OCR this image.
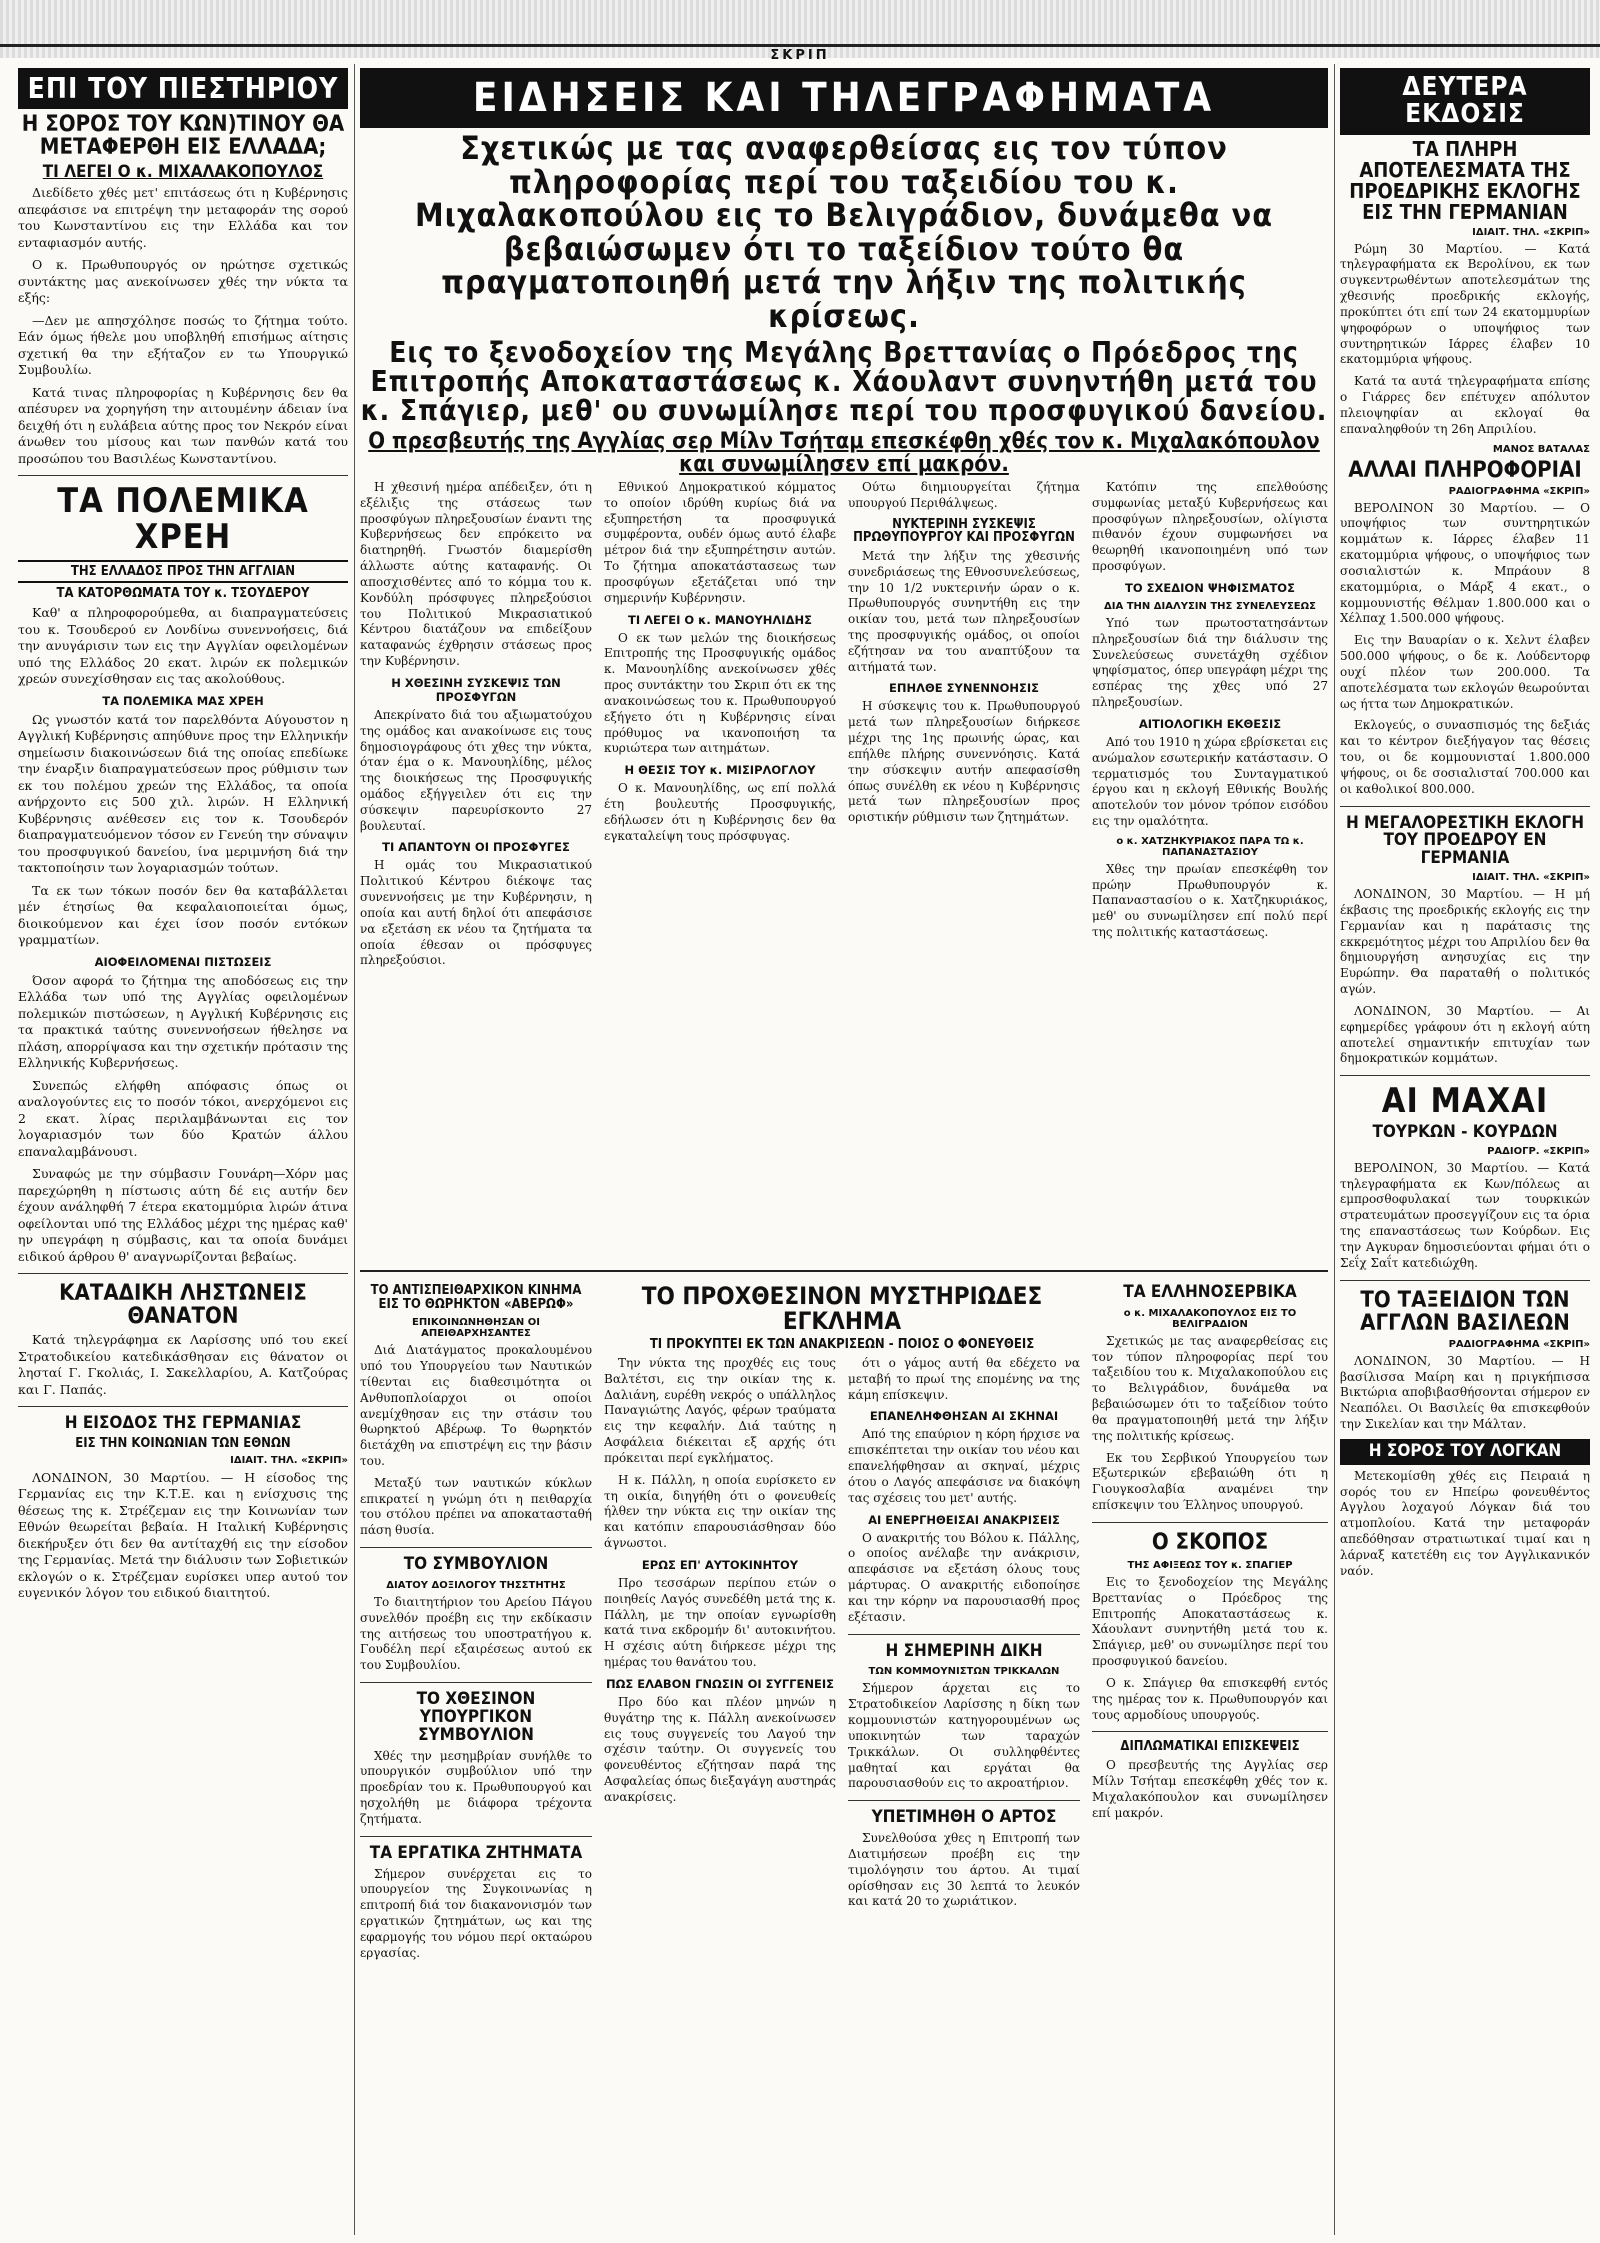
ΣΚΡΙΠ
ΕΠΙ ΤΟΥ ΠΙΕΣΤΗΡΙΟΥ
Η ΣΟΡΟΣ ΤΟΥ ΚΩΝ)ΤΙΝΟΥ ΘΑ ΜΕΤΑΦΕΡΘΗ ΕΙΣ ΕΛΛΑΔΑ;
ΤΙ ΛΕΓΕΙ Ο κ. ΜΙΧΑΛΑΚΟΠΟΥΛΟΣ

Διεδίδετο χθές μετ' επιτάσεως ότι η Κυβέρνησις απεφάσισε να επιτρέψη την μεταφοράν της σορού του Κωνσταντίνου εις την Ελλάδα και τον ενταφιασμόν αυτής.

Ο κ. Πρωθυπουργός ον ηρώτησε σχετικώς συντάκτης μας ανεκοίνωσεν χθές την νύκτα τα εξής:

—Δεν με απησχόλησε ποσώς το ζήτημα τούτο. Εάν όμως ήθελε μου υποβληθή επισήμως αίτησις σχετική θα την εξήταζον εν τω Υπουργικώ Συμβουλίω.

Κατά τινας πληροφορίας η Κυβέρνησις δεν θα απέσυρεν να χορηγήση την αιτουμένην άδειαν ίνα δειχθή ότι η ευλάβεια αύτης προς τον Νεκρόν είναι άνωθεν του μίσους και των πανθών κατά του προσώπου του Βασιλέως Κωνσταντίνου.

ΤΑ ΠΟΛΕΜΙΚΑ ΧΡΕΗ
ΤΗΣ ΕΛΛΑΔΟΣ ΠΡΟΣ ΤΗΝ ΑΓΓΛΙΑΝ
ΤΑ ΚΑΤΟΡΘΩΜΑΤΑ ΤΟΥ κ. ΤΣΟΥΔΕΡΟΥ

Καθ' α πληροφορούμεθα, αι διαπραγματεύσεις του κ. Τσουδερού εν Λονδίνω συνεννοήσεις, διά την ανυγάρισιν των εις την Αγγλίαν οφειλομένων υπό της Ελλάδος 20 εκατ. λιρών εκ πολεμικών χρεών συνεχίσθησαν εις τας ακολούθους.

ΤΑ ΠΟΛΕΜΙΚΑ ΜΑΣ ΧΡΕΗ

Ως γνωστόν κατά τον παρελθόντα Αύγουστον η Αγγλική Κυβέρνησις απηύθυνε προς την Ελληνικήν σημείωσιν διακοινώσεων διά της οποίας επεδίωκε την έναρξιν διαπραγματεύσεων προς ρύθμισιν των εκ του πολέμου χρεών της Ελλάδος, τα οποία ανήρχοντο εις 500 χιλ. λιρών. Η Ελληνική Κυβέρνησις ανέθεσεν εις τον κ. Τσουδερόν διαπραγματευόμενον τόσον εν Γενεύη την σύναψιν του προσφυγικού δανείου, ίνα μεριμνήση διά την τακτοποίησιν των λογαριασμών τούτων.

Τα εκ των τόκων ποσόν δεν θα καταβάλλεται μέν έτησίως θα κεφαλαιοποιείται όμως, διοικούμενον και έχει ίσον ποσόν εντόκων γραμματίων.

ΑΙΟΦΕΙΛΟΜΕΝΑΙ ΠΙΣΤΩΣΕΙΣ

Όσον αφορά το ζήτημα της αποδόσεως εις την Ελλάδα των υπό της Αγγλίας οφειλομένων πολεμικών πιστώσεων, η Αγγλική Κυβέρνησις εις τα πρακτικά ταύτης συνεννοήσεων ήθελησε να πλάση, απορρίψασα και την σχετικήν πρότασιν της Ελληνικής Κυβερνήσεως.

Συνεπώς ελήφθη απόφασις όπως οι αναλογούντες εις το ποσόν τόκοι, ανερχόμενοι εις 2 εκατ. λίρας περιλαμβάνωνται εις τον λογαριασμόν των δύο Κρατών άλλου επαναλαμβάνουσι.

Συναφώς με την σύμβασιν Γουνάρη—Χόρν μας παρεχώρηθη η πίστωσις αύτη δέ εις αυτήν δεν έχουν ανάληφθή 7 έτερα εκατομμύρια λιρών άτινα οφείλονται υπό της Ελλάδος μέχρι της ημέρας καθ' ην υπεγράφη η σύμβασις, και τα οποία δυνάμει ειδικού άρθρου θ' αναγνωρίζονται βεβαίως.

ΚΑΤΑΔΙΚΗ ΛΗΣΤΩΝΕΙΣ ΘΑΝΑΤΟΝ

Κατά τηλεγράφημα εκ Λαρίσσης υπό του εκεί Στρατοδικείου κατεδικάσθησαν εις θάνατον οι λησταί Γ. Γκολιάς, Ι. Σακελλαρίου, Α. Κατζούρας και Γ. Παπάς.

Η ΕΙΣΟΔΟΣ ΤΗΣ ΓΕΡΜΑΝΙΑΣ
ΕΙΣ ΤΗΝ ΚΟΙΝΩΝΙΑΝ ΤΩΝ ΕΘΝΩΝ
ΙΔΙΑΙΤ. ΤΗΛ. «ΣΚΡΙΠ»

ΛΟΝΔΙΝΟΝ, 30 Μαρτίου. — Η είσοδος της Γερμανίας εις την Κ.Τ.Ε. και η ενίσχυσις της θέσεως της κ. Στρέζεμαν εις την Κοινωνίαν των Εθνών θεωρείται βεβαία. Η Ιταλική Κυβέρνησις διεκήρυξεν ότι δεν θα αντίταχθή εις την είσοδον της Γερμανίας. Μετά την διάλυσιν των Σοβιετικών εκλογών ο κ. Στρέζεμαν ευρίσκει υπερ αυτού τον ευγενικόν λόγον του ειδικού διαιτητού.

ΕΙΔΗΣΕΙΣ ΚΑΙ ΤΗΛΕΓΡΑΦΗΜΑΤΑ
Σχετικώς με τας αναφερθείσας εις τον τύπον πληροφορίας περί του ταξειδίου του κ. Μιχαλακοπούλου εις το Βελιγράδιον, δυνάμεθα να βεβαιώσωμεν ότι το ταξείδιον τούτο θα πραγματοποιηθή μετά την λήξιν της πολιτικής κρίσεως.
Εις το ξενοδοχείον της Μεγάλης Βρεττανίας ο Πρόεδρος της Επιτροπής Αποκαταστάσεως κ. Χάουλαντ συνηντήθη μετά του κ. Σπάγιερ, μεθ' ου συνωμίλησε περί του προσφυγικού δανείου.
Ο πρεσβευτής της Αγγλίας σερ Μίλν Τσήταμ επεσκέφθη χθές τον κ. Μιχαλακόπουλον και συνωμίλησεν επί μακρόν.

Η χθεσινή ημέρα απέδειξεν, ότι η εξέλιξις της στάσεως των προσφύγων πληρεξουσίων έναντι της Κυβερνήσεως δεν επρόκειτο να διατηρηθή. Γνωστόν διαμερίσθη άλλωστε αύτης καταφανής. Οι αποσχισθέντες από το κόμμα του κ. Κονδύλη πρόσφυγες πληρεξούσιοι του Πολιτικού Μικρασιατικού Κέντρου διατάζουν να επιδείξουν καταφανώς έχθρησιν στάσεως προς την Κυβέρνησιν.

Η ΧΘΕΣΙΝΗ ΣΥΣΚΕΨΙΣ ΤΩΝ ΠΡΟΣΦΥΓΩΝ

Απεκρίνατο διά του αξιωματούχου της ομάδος και ανακοίνωσε εις τους δημοσιογράφους ότι χθες την νύκτα, όταν έμα ο κ. Μανουηλίδης, μέλος της διοικήσεως της Προσφυγικής ομάδος εξήγγειλεν ότι εις την σύσκεψιν παρευρίσκοντο 27 βουλευταί.

ΤΙ ΑΠΑΝΤΟΥΝ ΟΙ ΠΡΟΣΦΥΓΕΣ

Η ομάς του Μικρασιατικού Πολιτικού Κέντρου διέκοψε τας συνεννοήσεις με την Κυβέρνησιν, η οποία και αυτή δηλοί ότι απεφάσισε να εξετάση εκ νέου τα ζητήματα τα οποία έθεσαν οι πρόσφυγες πληρεξούσιοι.

Εθνικού Δημοκρατικού κόμματος το οποίον ιδρύθη κυρίως διά να εξυπηρετήση τα προσφυγικά συμφέροντα, ουδέν όμως αυτό έλαβε μέτρον διά την εξυπηρέτησιν αυτών. Το ζήτημα αποκατάστασεως των προσφύγων εξετάζεται υπό την σημερινήν Κυβέρνησιν.

ΤΙ ΛΕΓΕΙ Ο κ. ΜΑΝΟΥΗΛΙΔΗΣ

Ο εκ των μελών της διοικήσεως Επιτροπής της Προσφυγικής ομάδος κ. Μανουηλίδης ανεκοίνωσεν χθές προς συντάκτην του Σκριπ ότι εκ της ανακοινώσεως του κ. Πρωθυπουργού εξήγετο ότι η Κυβέρνησις είναι πρόθυμος να ικανοποιήση τα κυριώτερα των αιτημάτων.

Η ΘΕΣΙΣ ΤΟΥ κ. ΜΙΣΙΡΛΟΓΛΟΥ

Ο κ. Μανουηλίδης, ως επί πολλά έτη βουλευτής Προσφυγικής, εδήλωσεν ότι η Κυβέρνησις δεν θα εγκαταλείψη τους πρόσφυγας.

Ούτω διημιουργείται ζήτημα υπουργού Περιθάλψεως.

ΝΥΚΤΕΡΙΝΗ ΣΥΣΚΕΨΙΣ ΠΡΩΘΥΠΟΥΡΓΟΥ ΚΑΙ ΠΡΟΣΦΥΓΩΝ

Μετά την λήξιν της χθεσινής συνεδριάσεως της Εθνοσυνελεύσεως, την 10 1/2 νυκτερινήν ώραν ο κ. Πρωθυπουργός συνηντήθη εις την οικίαν του, μετά των πληρεξουσίων της προσφυγικής ομάδος, οι οποίοι εζήτησαν να του αναπτύξουν τα αιτήματά των.

ΕΠΗΛΘΕ ΣΥΝΕΝΝΟΗΣΙΣ

Η σύσκεψις του κ. Πρωθυπουργού μετά των πληρεξουσίων διήρκεσε μέχρι της 1ης πρωινής ώρας, και επήλθε πλήρης συνεννόησις. Κατά την σύσκεψιν αυτήν απεφασίσθη όπως συνέλθη εκ νέου η Κυβέρνησις μετά των πληρεξουσίων προς οριστικήν ρύθμισιν των ζητημάτων.

Κατόπιν της επελθούσης συμφωνίας μεταξύ Κυβερνήσεως και προσφύγων πληρεξουσίων, ολίγιστα πιθανόν έχουν συμφωνήσει να θεωρηθή ικανοποιημένη υπό των προσφύγων.

ΤΟ ΣΧΕΔΙΟΝ ΨΗΦΙΣΜΑΤΟΣ
ΔΙΑ ΤΗΝ ΔΙΑΛΥΣΙΝ ΤΗΣ ΣΥΝΕΛΕΥΣΕΩΣ

Υπό των πρωτοστατησάντων πληρεξουσίων διά την διάλυσιν της Συνελεύσεως συνετάχθη σχέδιον ψηφίσματος, όπερ υπεγράφη μέχρι της εσπέρας της χθες υπό 27 πληρεξουσίων.

ΑΙΤΙΟΛΟΓΙΚΗ ΕΚΘΕΣΙΣ

Από του 1910 η χώρα εβρίσκεται εις ανώμαλον εσωτερικήν κατάστασιν. Ο τερματισμός του Συνταγματικού έργου και η εκλογή Εθνικής Βουλής αποτελούν τον μόνον τρόπον εισόδου εις την ομαλότητα.

ο κ. ΧΑΤΖΗΚΥΡΙΑΚΟΣ ΠΑΡΑ ΤΩ κ. ΠΑΠΑΝΑΣΤΑΣΙΟΥ

Χθες την πρωίαν επεσκέφθη τον πρώην Πρωθυπουργόν κ. Παπαναστασίου ο κ. Χατζηκυριάκος, μεθ' ου συνωμίλησεν επί πολύ περί της πολιτικής καταστάσεως.

ΤΟ ΑΝΤΙΣΠΕΙΘΑΡΧΙΚΟΝ ΚΙΝΗΜΑ ΕΙΣ ΤΟ ΘΩΡΗΚΤΟΝ «ΑΒΕΡΩΦ»
ΕΠΙΚΟΙΝΩΝΗΘΗΣΑΝ ΟΙ ΑΠΕΙΘΑΡΧΗΣΑΝΤΕΣ

Διά Διατάγματος προκαλουμένου υπό του Υπουργείου των Ναυτικών τίθενται εις διαθεσιμότητα οι Ανθυποπλοίαρχοι οι οποίοι ανεμίχθησαν εις την στάσιν του θωρηκτού Αβέρωφ. Το θωρηκτόν διετάχθη να επιστρέψη εις την βάσιν του.

Μεταξύ των ναυτικών κύκλων επικρατεί η γνώμη ότι η πειθαρχία του στόλου πρέπει να αποκατασταθή πάση θυσία.

ΤΟ ΣΥΜΒΟΥΛΙΟΝ
ΔΙΑΤΟΥ ΔΟΞΙΛΟΓΟΥ ΤΗΣΣΤΗΤΗΣ

Το διαιτητήριον του Αρείου Πάγου συνελθόν προέβη εις την εκδίκασιν της αιτήσεως του υποστρατήγου κ. Γουδέλη περί εξαιρέσεως αυτού εκ του Συμβουλίου.

ΤΟ ΧΘΕΣΙΝΟΝ ΥΠΟΥΡΓΙΚΟΝ ΣΥΜΒΟΥΛΙΟΝ

Χθές την μεσημβρίαν συνήλθε το υπουργικόν συμβούλιον υπό την προεδρίαν του κ. Πρωθυπουργού και ησχολήθη με διάφορα τρέχοντα ζητήματα.

ΤΑ ΕΡΓΑΤΙΚΑ ΖΗΤΗΜΑΤΑ

Σήμερον συνέρχεται εις το υπουργείον της Συγκοινωνίας η επιτροπή διά τον διακανονισμόν των εργατικών ζητημάτων, ως και της εφαρμογής του νόμου περί οκταώρου εργασίας.

ΤΟ ΠΡΟΧΘΕΣΙΝΟΝ ΜΥΣΤΗΡΙΩΔΕΣ ΕΓΚΛΗΜΑ
ΤΙ ΠΡΟΚΥΠΤΕΙ ΕΚ ΤΩΝ ΑΝΑΚΡΙΣΕΩΝ - ΠΟΙΟΣ Ο ΦΟΝΕΥΘΕΙΣ

Την νύκτα της προχθές εις τους Βαλτέτσι, εις την οικίαν της κ. Δαλιάνη, ευρέθη νεκρός ο υπάλληλος Παναγιώτης Λαγός, φέρων τραύματα εις την κεφαλήν. Διά ταύτης η Ασφάλεια διέκειται εξ αρχής ότι πρόκειται περί εγκλήματος.

Η κ. Πάλλη, η οποία ευρίσκετο εν τη οικία, διηγήθη ότι ο φονευθείς ήλθεν την νύκτα εις την οικίαν της και κατόπιν επαρουσιάσθησαν δύο άγνωστοι.

ΕΡΩΣ ΕΠ' ΑΥΤΟΚΙΝΗΤΟΥ

Προ τεσσάρων περίπου ετών ο ποιηθείς Λαγός συνεδέθη μετά της κ. Πάλλη, με την οποίαν εγνωρίσθη κατά τινα εκδρομήν δι' αυτοκινήτου. Η σχέσις αύτη διήρκεσε μέχρι της ημέρας του θανάτου του.

ΠΩΣ ΕΛΑΒΟΝ ΓΝΩΣΙΝ ΟΙ ΣΥΓΓΕΝΕΙΣ

Προ δύο και πλέον μηνών η θυγάτηρ της κ. Πάλλη ανεκοίνωσεν εις τους συγγενείς του Λαγού την σχέσιν ταύτην. Οι συγγενείς του φονευθέντος εζήτησαν παρά της Ασφαλείας όπως διεξαγάγη αυστηράς ανακρίσεις.

ότι ο γάμος αυτή θα εδέχετο να μεταβή το πρωί της επομένης να της κάμη επίσκεψιν.

ΕΠΑΝΕΛΗΦΘΗΣΑΝ ΑΙ ΣΚΗΝΑΙ

Από της επαύριον η κόρη ήρχισε να επισκέπτεται την οικίαν του νέου και επανελήφθησαν αι σκηναί, μέχρις ότου ο Λαγός απεφάσισε να διακόψη τας σχέσεις του μετ' αυτής.

ΑΙ ΕΝΕΡΓΗΘΕΙΣΑΙ ΑΝΑΚΡΙΣΕΙΣ

Ο ανακριτής του Βόλου κ. Πάλλης, ο οποίος ανέλαβε την ανάκρισιν, απεφάσισε να εξετάση όλους τους μάρτυρας. Ο ανακριτής ειδοποίησε και την κόρην να παρουσιασθή προς εξέτασιν.

Η ΣΗΜΕΡΙΝΗ ΔΙΚΗ
ΤΩΝ ΚΟΜΜΟΥΝΙΣΤΩΝ ΤΡΙΚΚΑΛΩΝ

Σήμερον άρχεται εις το Στρατοδικείον Λαρίσσης η δίκη των κομμουνιστών κατηγορουμένων ως υποκινητών των ταραχών Τρικκάλων. Οι συλληφθέντες μαθηταί και εργάται θα παρουσιασθούν εις το ακροατήριον.

ΥΠΕΤΙΜΗΘΗ Ο ΑΡΤΟΣ

Συνελθούσα χθες η Επιτροπή των Διατιμήσεων προέβη εις την τιμολόγησιν του άρτου. Αι τιμαί ορίσθησαν εις 30 λεπτά το λευκόν και κατά 20 το χωριάτικον.

ΤΑ ΕΛΛΗΝΟΣΕΡΒΙΚΑ
ο κ. ΜΙΧΑΛΑΚΟΠΟΥΛΟΣ ΕΙΣ ΤΟ ΒΕΛΙΓΡΑΔΙΟΝ

Σχετικώς με τας αναφερθείσας εις τον τύπον πληροφορίας περί του ταξειδίου του κ. Μιχαλακοπούλου εις το Βελιγράδιον, δυνάμεθα να βεβαιώσωμεν ότι το ταξείδιον τούτο θα πραγματοποιηθή μετά την λήξιν της πολιτικής κρίσεως.

Εκ του Σερβικού Υπουργείου των Εξωτερικών εβεβαιώθη ότι η Γιουγκοσλαβία αναμένει την επίσκεψιν του Έλληνος υπουργού.

Ο ΣΚΟΠΟΣ
ΤΗΣ ΑΦΙΞΕΩΣ ΤΟΥ κ. ΣΠΑΓΙΕΡ

Εις το ξενοδοχείον της Μεγάλης Βρεττανίας ο Πρόεδρος της Επιτροπής Αποκαταστάσεως κ. Χάουλαντ συνηντήθη μετά του κ. Σπάγιερ, μεθ' ου συνωμίλησε περί του προσφυγικού δανείου.

Ο κ. Σπάγιερ θα επισκεφθή εντός της ημέρας τον κ. Πρωθυπουργόν και τους αρμοδίους υπουργούς.

ΔΙΠΛΩΜΑΤΙΚΑΙ ΕΠΙΣΚΕΨΕΙΣ

Ο πρεσβευτής της Αγγλίας σερ Μίλν Τσήταμ επεσκέφθη χθές τον κ. Μιχαλακόπουλον και συνωμίλησεν επί μακρόν.

ΔΕΥΤΕΡΑ ΕΚΔΟΣΙΣ
ΤΑ ΠΛΗΡΗ ΑΠΟΤΕΛΕΣΜΑΤΑ ΤΗΣ ΠΡΟΕΔΡΙΚΗΣ ΕΚΛΟΓΗΣ ΕΙΣ ΤΗΝ ΓΕΡΜΑΝΙΑΝ
ΙΔΙΑΙΤ. ΤΗΛ. «ΣΚΡΙΠ»

Ρώμη 30 Μαρτίου. — Κατά τηλεγραφήματα εκ Βερολίνου, εκ των συγκεντρωθέντων αποτελεσμάτων της χθεσινής προεδρικής εκλογής, προκύπτει ότι επί των 24 εκατομμυρίων ψηφοφόρων ο υποψήφιος των συντηρητικών Ιάρρες έλαβεν 10 εκατομμύρια ψήφους.

Κατά τα αυτά τηλεγραφήματα επίσης ο Γιάρρες δεν επέτυχεν απόλυτον πλειοψηφίαν αι εκλογαί θα επαναληφθούν τη 26η Απριλίου.

ΜΑΝΟΣ ΒΑΤΑΛΑΣ
ΑΛΛΑΙ ΠΛΗΡΟΦΟΡΙΑΙ
ΡΑΔΙΟΓΡΑΦΗΜΑ «ΣΚΡΙΠ»

ΒΕΡΟΛΙΝΟΝ 30 Μαρτίου. — Ο υποψήφιος των συντηρητικών κομμάτων κ. Ιάρρες έλαβεν 11 εκατομμύρια ψήφους, ο υποψήφιος των σοσιαλιστών κ. Μπράουν 8 εκατομμύρια, ο Μάρξ 4 εκατ., ο κομμουνιστής Θέλμαν 1.800.000 και ο Χέλπαχ 1.500.000 ψήφους.

Εις την Βαυαρίαν ο κ. Χελντ έλαβεν 500.000 ψήφους, ο δε κ. Λούδεντορφ ουχί πλέον των 200.000. Τα αποτελέσματα των εκλογών θεωρούνται ως ήττα των Δημοκρατικών.

Εκλογεύς, ο συνασπισμός της δεξιάς και το κέντρον διεξήγαγον τας θέσεις του, οι δε κομμουνισταί 1.800.000 ψήφους, οι δε σοσιαλισταί 700.000 και οι καθολικοί 800.000.

Η ΜΕΓΑΛΟΡΕΣΤΙΚΗ ΕΚΛΟΓΗ ΤΟΥ ΠΡΟΕΔΡΟΥ ΕΝ ΓΕΡΜΑΝΙΑ
ΙΔΙΑΙΤ. ΤΗΛ. «ΣΚΡΙΠ»

ΛΟΝΔΙΝΟΝ, 30 Μαρτίου. — Η μή έκβασις της προεδρικής εκλογής εις την Γερμανίαν και η παράτασις της εκκρεμότητος μέχρι του Απριλίου δεν θα δημιουργήση ανησυχίας εις την Ευρώπην. Θα παραταθή ο πολιτικός αγών.

ΛΟΝΔΙΝΟΝ, 30 Μαρτίου. — Αι εφημερίδες γράφουν ότι η εκλογή αύτη αποτελεί σημαντικήν επιτυχίαν των δημοκρατικών κομμάτων.

ΑΙ ΜΑΧΑΙ
ΤΟΥΡΚΩΝ - ΚΟΥΡΔΩΝ
ΡΑΔΙΟΓΡ. «ΣΚΡΙΠ»

ΒΕΡΟΛΙΝΟΝ, 30 Μαρτίου. — Κατά τηλεγραφήματα εκ Κων/πόλεως αι εμπροσθοφυλακαί των τουρκικών στρατευμάτων προσεγγίζουν εις τα όρια της επαναστάσεως των Κούρδων. Εις την Αγκυραν δημοσιεύονται φήμαι ότι ο Σεΐχ Σαΐτ κατεδιώχθη.

ΤΟ ΤΑΞΕΙΔΙΟΝ ΤΩΝ ΑΓΓΛΩΝ ΒΑΣΙΛΕΩΝ
ΡΑΔΙΟΓΡΑΦΗΜΑ «ΣΚΡΙΠ»

ΛΟΝΔΙΝΟΝ, 30 Μαρτίου. — Η βασίλισσα Μαίρη και η πριγκήπισσα Βικτώρια αποβιβασθήσονται σήμερον εν Νεαπόλει. Οι Βασιλείς θα επισκεφθούν την Σικελίαν και την Μάλταν.

Η ΣΟΡΟΣ ΤΟΥ ΛΟΓΚΑΝ

Μετεκομίσθη χθές εις Πειραιά η σορός του εν Ηπείρω φονευθέντος Αγγλου λοχαγού Λόγκαν διά του ατμοπλοίου. Κατά την μεταφοράν απεδόθησαν στρατιωτικαί τιμαί και η λάρναξ κατετέθη εις τον Αγγλικανικόν ναόν.
